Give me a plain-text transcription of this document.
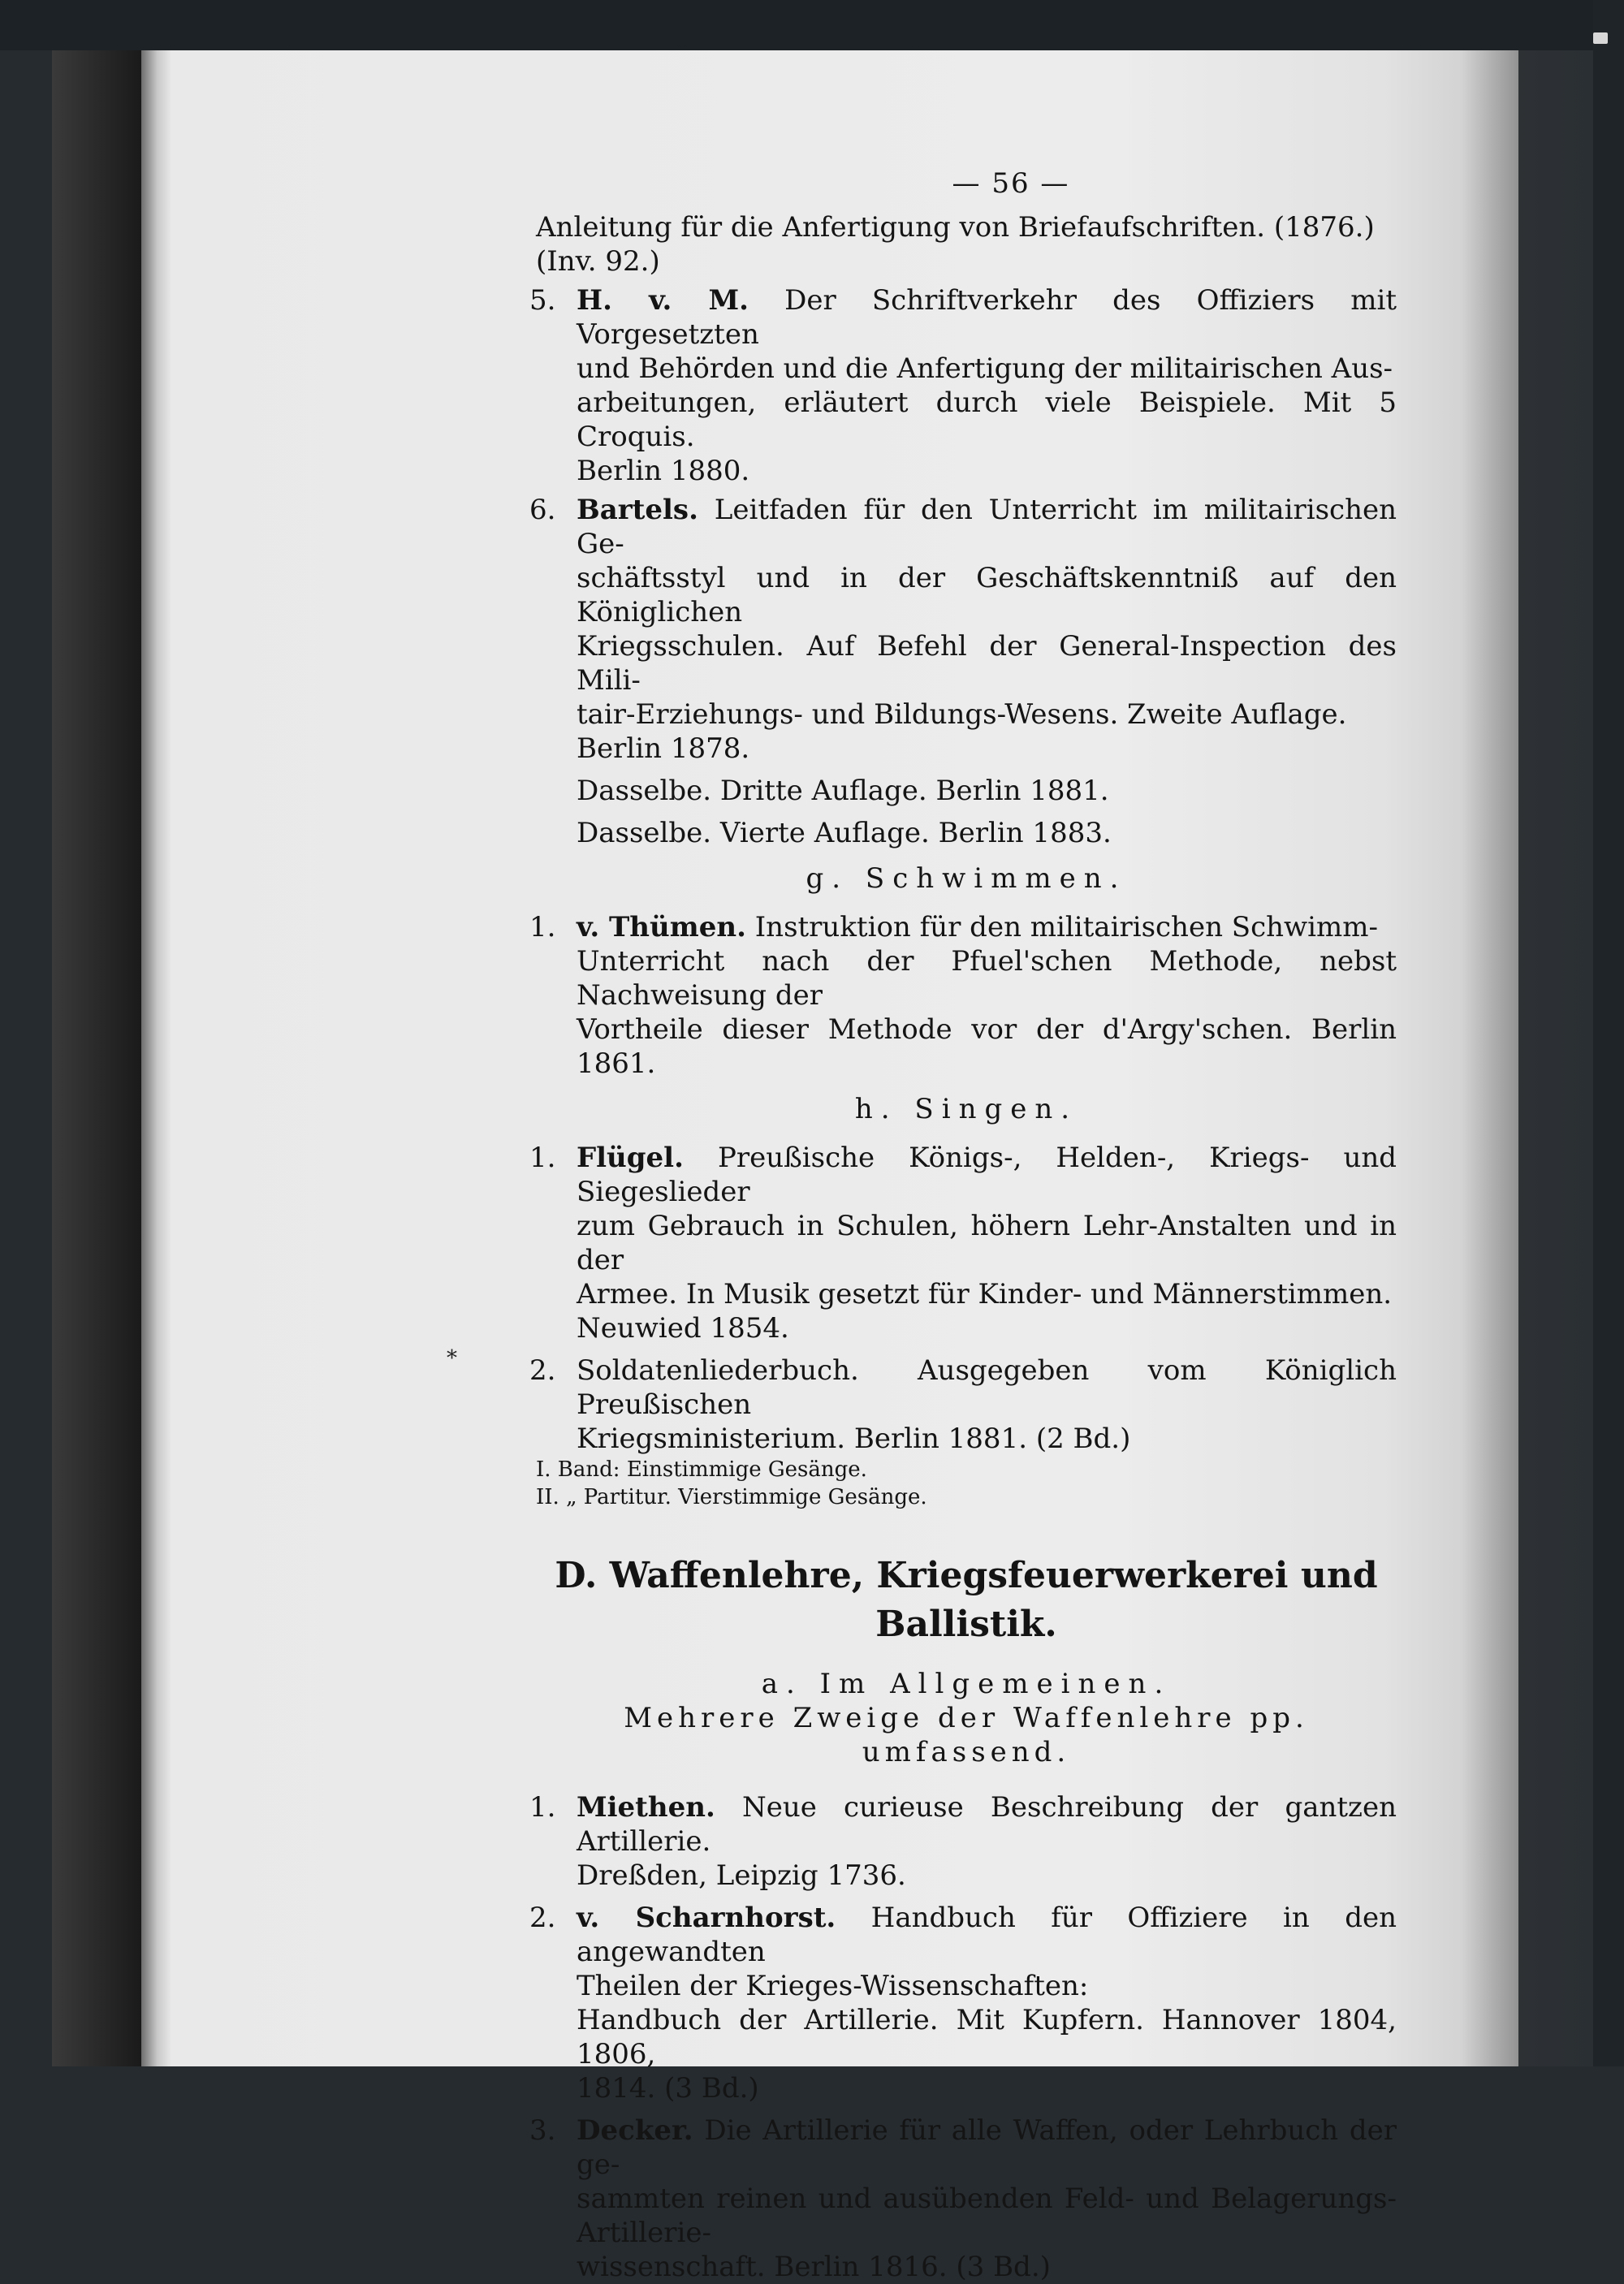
*
— 56 —
Anleitung für die Anfertigung von Briefaufschriften. (1876.)
(Inv. 92.)
5. H. v. M. Der Schriftverkehr des Offiziers mit Vorgesetzten
und Behörden und die Anfertigung der militairischen Aus-
arbeitungen, erläutert durch viele Beispiele. Mit 5 Croquis.
Berlin 1880.
6. Bartels. Leitfaden für den Unterricht im militairischen Ge-
schäftsstyl und in der Geschäftskenntniß auf den Königlichen
Kriegsschulen. Auf Befehl der General-Inspection des Mili-
tair-Erziehungs- und Bildungs-Wesens. Zweite Auflage.
Berlin 1878.
Dasselbe. Dritte Auflage. Berlin 1881.
Dasselbe. Vierte Auflage. Berlin 1883.
g. Schwimmen.
1. v. Thümen. Instruktion für den militairischen Schwimm-
Unterricht nach der Pfuel'schen Methode, nebst Nachweisung der
Vortheile dieser Methode vor der d'Argy'schen. Berlin 1861.
h. Singen.
1. Flügel. Preußische Königs-, Helden-, Kriegs- und Siegeslieder
zum Gebrauch in Schulen, höhern Lehr-Anstalten und in der
Armee. In Musik gesetzt für Kinder- und Männerstimmen.
Neuwied 1854.
2. Soldatenliederbuch. Ausgegeben vom Königlich Preußischen
Kriegsministerium. Berlin 1881. (2 Bd.)
I. Band: Einstimmige Gesänge.
II. „ Partitur. Vierstimmige Gesänge.
D. Waffenlehre, Kriegsfeuerwerkerei und Ballistik.
a. Im Allgemeinen.
Mehrere Zweige der Waffenlehre pp. umfassend.
1. Miethen. Neue curieuse Beschreibung der gantzen Artillerie.
Dreßden, Leipzig 1736.
2. v. Scharnhorst. Handbuch für Offiziere in den angewandten
Theilen der Krieges-Wissenschaften:
Handbuch der Artillerie. Mit Kupfern. Hannover 1804, 1806,
1814. (3 Bd.)
3. Decker. Die Artillerie für alle Waffen, oder Lehrbuch der ge-
sammten reinen und ausübenden Feld- und Belagerungs-Artillerie-
wissenschaft. Berlin 1816. (3 Bd.)
